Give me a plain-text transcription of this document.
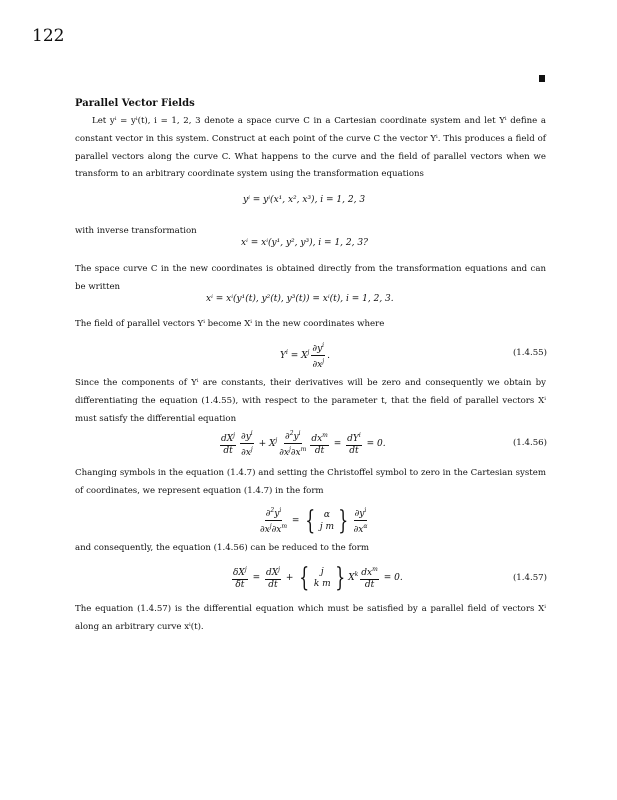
122
Parallel Vector Fields
Let yⁱ = yⁱ(t), i = 1, 2, 3 denote a space curve C in a Cartesian coordinate system and let Yⁱ define a constant vector in this system. Construct at each point of the curve C the vector Yⁱ. This produces a field of parallel vectors along the curve C. What happens to the curve and the field of parallel vectors when we transform to an arbitrary coordinate system using the transformation equations
yⁱ = yⁱ(x¹, x², x³), i = 1, 2, 3
with inverse transformation
xⁱ = xⁱ(y¹, y², y³), i = 1, 2, 3?
The space curve C in the new coordinates is obtained directly from the transformation equations and can be written
xⁱ = xⁱ(y¹(t), y²(t), y³(t)) = xⁱ(t), i = 1, 2, 3.
The field of parallel vectors Yⁱ become Xⁱ in the new coordinates where
$Y^i = X^j \frac{\partial y^i}{\partial x^j}$ .	(1.4.55)
Since the components of Yⁱ are constants, their derivatives will be zero and consequently we obtain by differentiating the equation (1.4.55), with respect to the parameter t, that the field of parallel vectors Xⁱ must satisfy the differential equation
$\frac{dX^j}{dt} \frac{\partial y^i}{\partial x^j} + X^j \frac{\partial^2y^i}{\partial x^j\partial x^m} \frac{dx^m}{dt} = \frac{dY^i}{dt} = 0$.	(1.4.56)
Changing symbols in the equation (1.4.7) and setting the Christoffel symbol to zero in the Cartesian system of coordinates, we represent equation (1.4.7) in the form
$\frac{\partial^2y^i}{\partial x^j\partial x^m}$ = { α
j m } $\frac{\partial y^i}{\partial x^\alpha}$
and consequently, the equation (1.4.56) can be reduced to the form
$\frac{\delta X^j}{\delta t} = \frac{dX^j}{dt}$ + { j
k m } $X^k \frac{dx^m}{dt} = 0$.	(1.4.57)
The equation (1.4.57) is the differential equation which must be satisfied by a parallel field of vectors Xⁱ along an arbitrary curve xⁱ(t).
